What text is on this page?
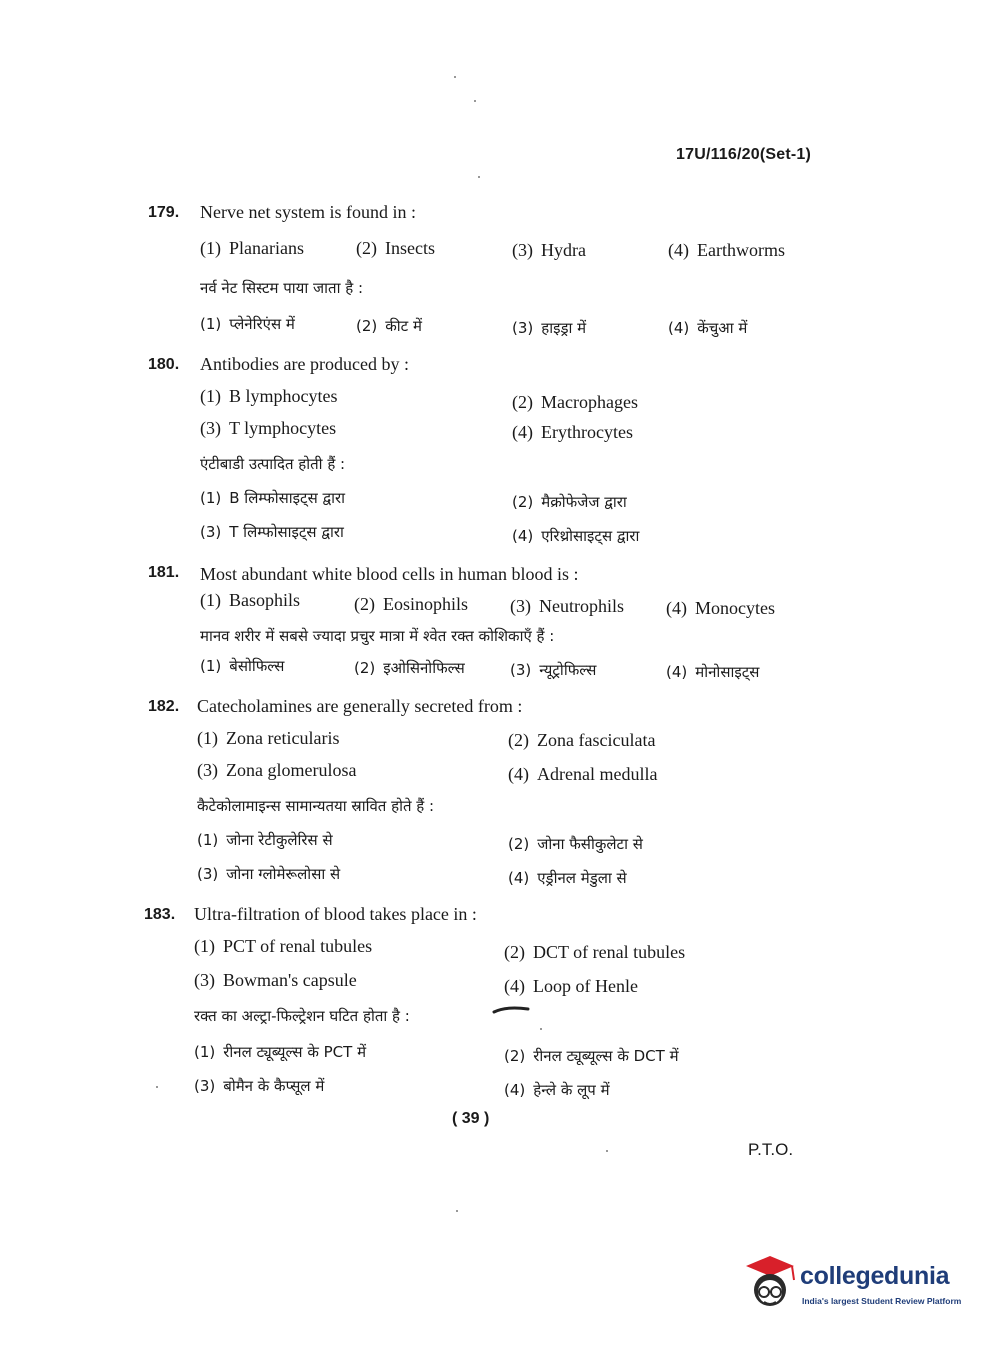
17U/116/20(Set-1)
179. Nerve net system is found in :
(1) Planarians	(2) Insects	(3) Hydra	(4) Earthworms
नर्व नेट सिस्टम पाया जाता है :
(1) प्लेनेरिएंस में	(2) कीट में	(3) हाइड्रा में	(4) केंचुआ में
180. Antibodies are produced by :
(1) B lymphocytes	(2) Macrophages
(3) T lymphocytes	(4) Erythrocytes
एंटीबाडी उत्पादित होती हैं :
(1) B लिम्फोसाइट्स द्वारा	(2) मैक्रोफेजेज द्वारा
(3) T लिम्फोसाइट्स द्वारा	(4) एरिथ्रोसाइट्स द्वारा
181. Most abundant white blood cells in human blood is :
(1) Basophils	(2) Eosinophils (3) Neutrophils (4) Monocytes
मानव शरीर में सबसे ज्यादा प्रचुर मात्रा में श्वेत रक्त कोशिकाएँ हैं :
(1) बेसोफिल्स	(2) इओसिनोफिल्स	(3) न्यूट्रोफिल्स	(4) मोनोसाइट्स
182. Catecholamines are generally secreted from :
(1) Zona reticularis	(2) Zona fasciculata
(3) Zona glomerulosa	(4) Adrenal medulla
कैटेकोलामाइन्स सामान्यतया स्रावित होते हैं :
(1) जोना रेटीकुलेरिस से	(2) जोना फैसीकुलेटा से
(3) जोना ग्लोमेरूलोसा से	(4) एड्रीनल मेडुला से
183. Ultra-filtration of blood takes place in :
(1) PCT of renal tubules	(2) DCT of renal tubules
(3) Bowman's capsule	(4) Loop of Henle
रक्त का अल्ट्रा-फिल्ट्रेशन घटित होता है :
(1) रीनल ट्यूब्यूल्स के PCT में	(2) रीनल ट्यूब्यूल्स के DCT में
(3) बोमैन के कैप्सूल में	(4) हेन्ले के लूप में
( 39 )
P.T.O.
collegedunia
India's largest Student Review Platform
